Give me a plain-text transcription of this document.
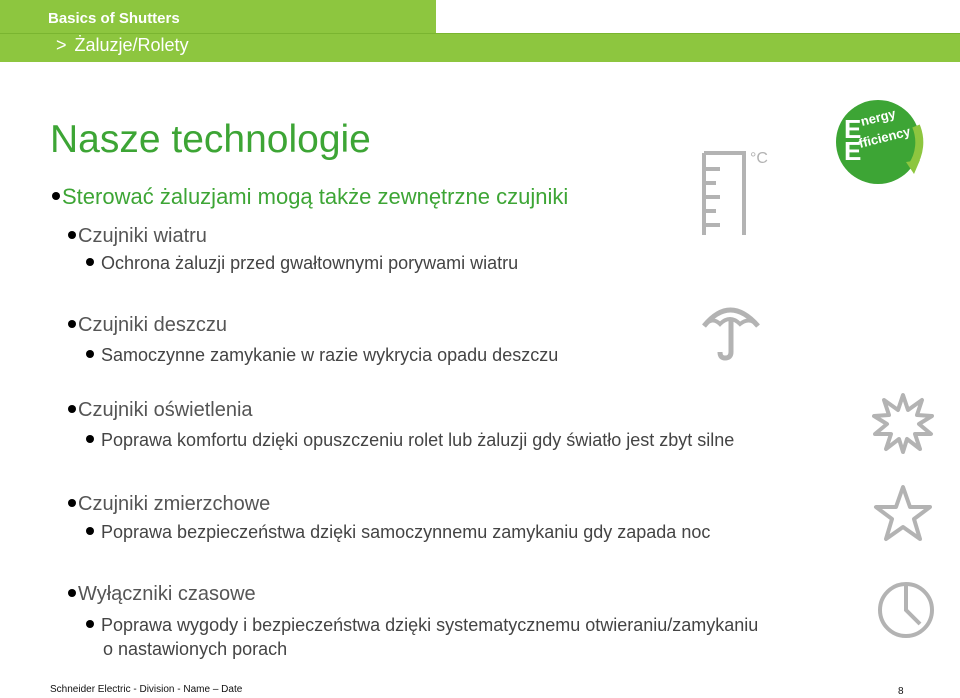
Basics of Shutters
> Żaluzje/Rolety
Nasze technologie
Sterować żaluzjami mogą także zewnętrzne czujniki
Czujniki wiatru
Ochrona żaluzji przed gwałtownymi porywami wiatru
Czujniki deszczu
Samoczynne zamykanie w razie wykrycia opadu deszczu
Czujniki oświetlenia
Poprawa komfortu dzięki opuszczeniu rolet lub żaluzji gdy światło jest zbyt silne
Czujniki zmierzchowe
Poprawa bezpieczeństwa dzięki samoczynnemu zamykaniu gdy zapada noc
Wyłączniki czasowe
Poprawa wygody i bezpieczeństwa dzięki systematycznemu otwieraniu/zamykaniu
o nastawionych porach
E
nergy
E
fficiency
°C
Schneider Electric - Division - Name – Date	8
